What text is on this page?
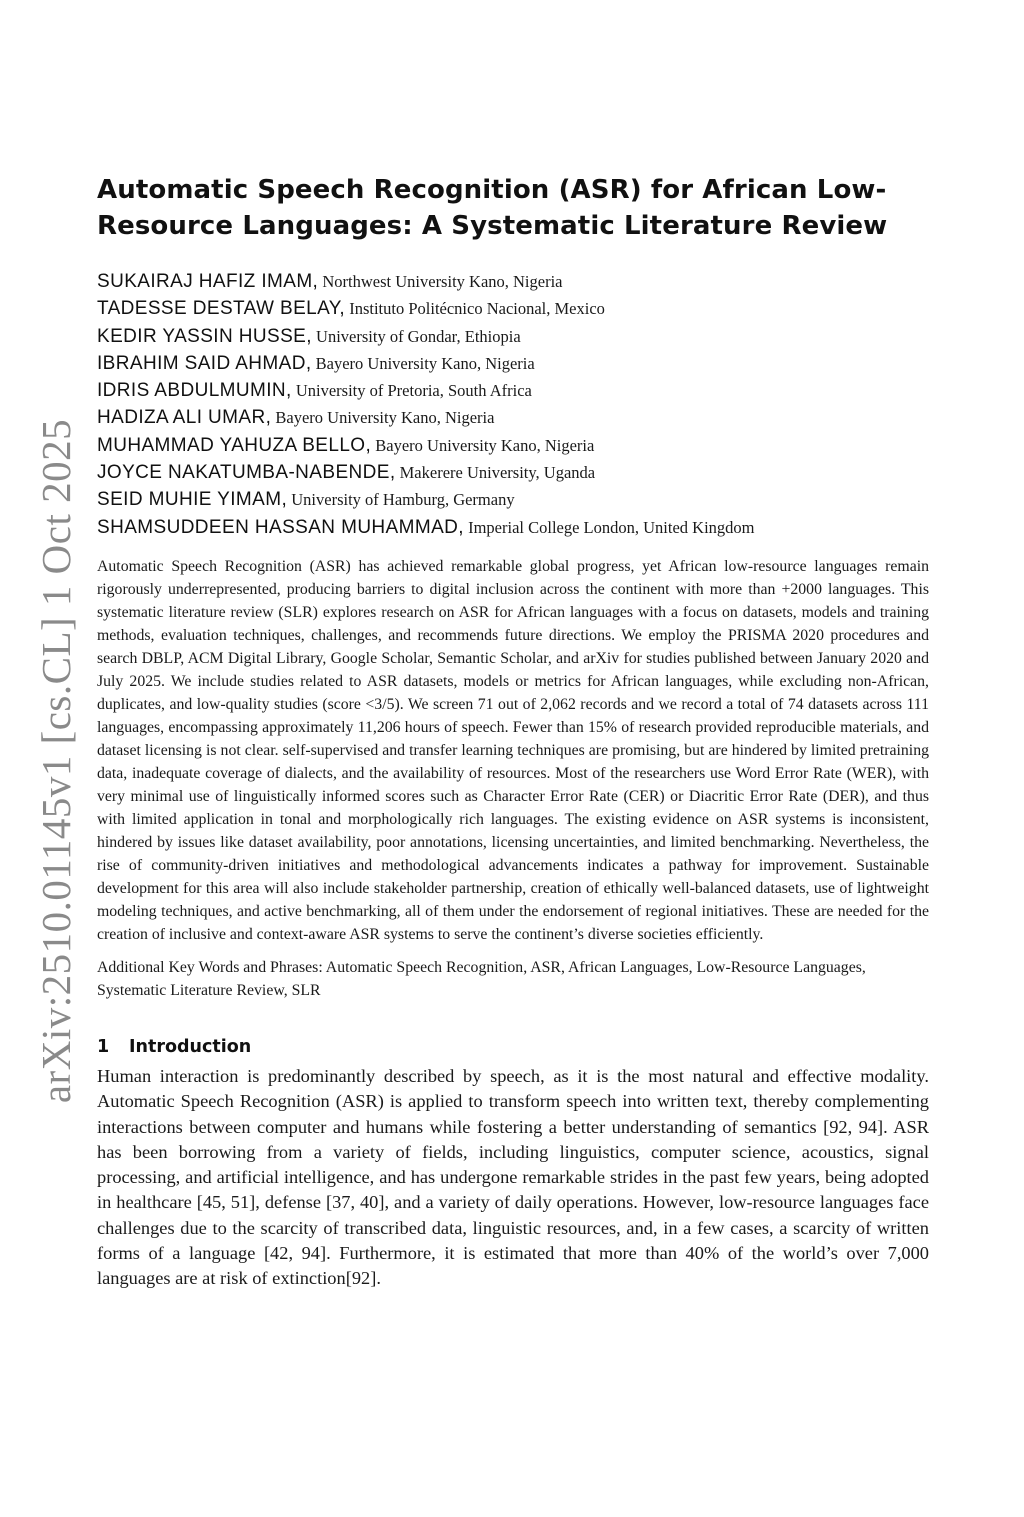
arXiv:2510.01145v1 [cs.CL] 1 Oct 2025
Automatic Speech Recognition (ASR) for African Low-Resource Languages: A Systematic Literature Review
SUKAIRAJ HAFIZ IMAM, Northwest University Kano, Nigeria
TADESSE DESTAW BELAY, Instituto Politécnico Nacional, Mexico
KEDIR YASSIN HUSSE, University of Gondar, Ethiopia
IBRAHIM SAID AHMAD, Bayero University Kano, Nigeria
IDRIS ABDULMUMIN, University of Pretoria, South Africa
HADIZA ALI UMAR, Bayero University Kano, Nigeria
MUHAMMAD YAHUZA BELLO, Bayero University Kano, Nigeria
JOYCE NAKATUMBA-NABENDE, Makerere University, Uganda
SEID MUHIE YIMAM, University of Hamburg, Germany
SHAMSUDDEEN HASSAN MUHAMMAD, Imperial College London, United Kingdom

Automatic Speech Recognition (ASR) has achieved remarkable global progress, yet African low-resource languages remain rigorously underrepresented, producing barriers to digital inclusion across the continent with more than +2000 languages. This systematic literature review (SLR) explores research on ASR for African languages with a focus on datasets, models and training methods, evaluation techniques, challenges, and recommends future directions. We employ the PRISMA 2020 procedures and search DBLP, ACM Digital Library, Google Scholar, Semantic Scholar, and arXiv for studies published between January 2020 and July 2025. We include studies related to ASR datasets, models or metrics for African languages, while excluding non-African, duplicates, and low-quality studies (score <3/5). We screen 71 out of 2,062 records and we record a total of 74 datasets across 111 languages, encompassing approximately 11,206 hours of speech. Fewer than 15% of research provided reproducible materials, and dataset licensing is not clear. self-supervised and transfer learning techniques are promising, but are hindered by limited pretraining data, inadequate coverage of dialects, and the availability of resources. Most of the researchers use Word Error Rate (WER), with very minimal use of linguistically informed scores such as Character Error Rate (CER) or Diacritic Error Rate (DER), and thus with limited application in tonal and morphologically rich languages. The existing evidence on ASR systems is inconsistent, hindered by issues like dataset availability, poor annotations, licensing uncertainties, and limited benchmarking. Nevertheless, the rise of community-driven initiatives and methodological advancements indicates a pathway for improvement. Sustainable development for this area will also include stakeholder partnership, creation of ethically well-balanced datasets, use of lightweight modeling techniques, and active benchmarking, all of them under the endorsement of regional initiatives. These are needed for the creation of inclusive and context-aware ASR systems to serve the continent’s diverse societies efficiently.

Additional Key Words and Phrases: Automatic Speech Recognition, ASR, African Languages, Low-Resource Languages, Systematic Literature Review, SLR

1 Introduction

Human interaction is predominantly described by speech, as it is the most natural and effective modality. Automatic Speech Recognition (ASR) is applied to transform speech into written text, thereby complementing interactions between computer and humans while fostering a better understanding of semantics [92, 94]. ASR has been borrowing from a variety of fields, including linguistics, computer science, acoustics, signal processing, and artificial intelligence, and has undergone remarkable strides in the past few years, being adopted in healthcare [45, 51], defense [37, 40], and a variety of daily operations. However, low-resource languages face challenges due to the scarcity of transcribed data, linguistic resources, and, in a few cases, a scarcity of written forms of a language [42, 94]. Furthermore, it is estimated that more than 40% of the world’s over 7,000 languages are at risk of extinction[92].
